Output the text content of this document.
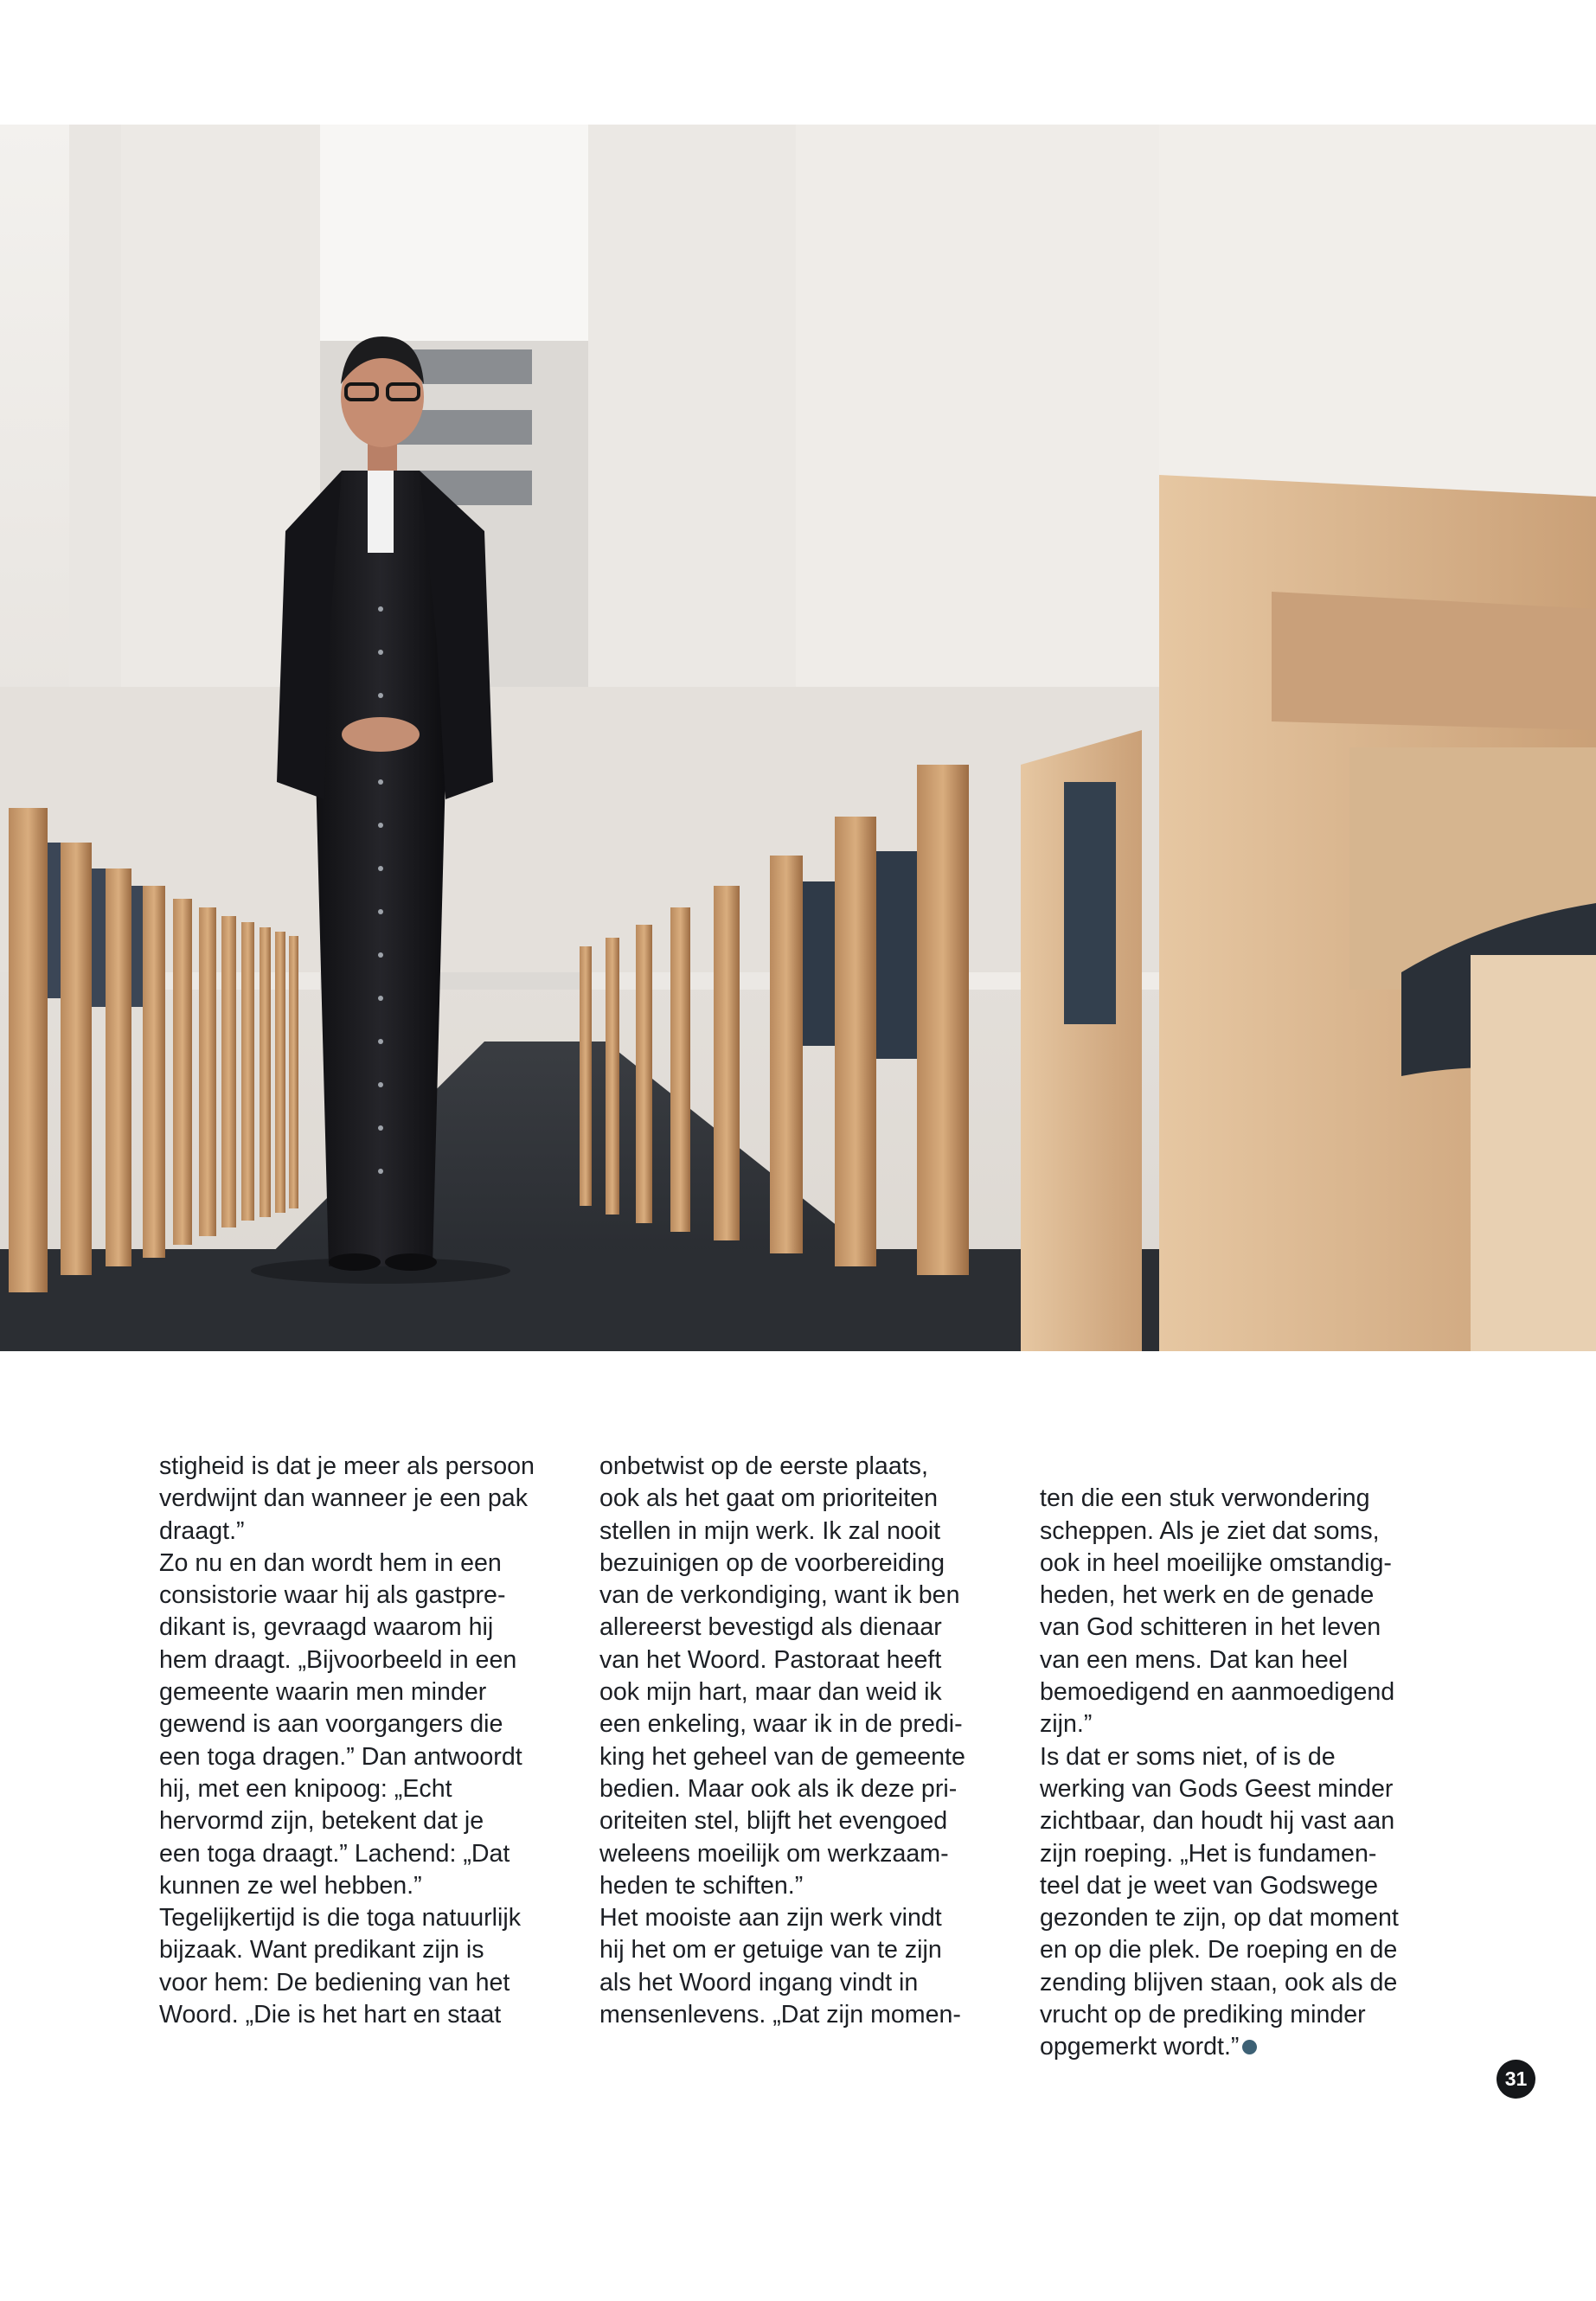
stigheid is dat je meer als persoon
verdwijnt dan wanneer je een pak
draagt.”
Zo nu en dan wordt hem in een
consistorie waar hij als gastpre-
dikant is, gevraagd waarom hij
hem draagt. „Bijvoorbeeld in een
gemeente waarin men minder
gewend is aan voorgangers die
een toga dragen.” Dan antwoordt
hij, met een knipoog: „Echt
hervormd zijn, betekent dat je
een toga draagt.” Lachend: „Dat
kunnen ze wel hebben.”
Tegelijkertijd is die toga natuurlijk
bijzaak. Want predikant zijn is
voor hem: De bediening van het
Woord. „Die is het hart en staat
onbetwist op de eerste plaats,
ook als het gaat om prioriteiten
stellen in mijn werk. Ik zal nooit
bezuinigen op de voorbereiding
van de verkondiging, want ik ben
allereerst bevestigd als dienaar
van het Woord. Pastoraat heeft
ook mijn hart, maar dan weid ik
een enkeling, waar ik in de predi-
king het geheel van de gemeente
bedien. Maar ook als ik deze pri-
oriteiten stel, blijft het evengoed
weleens moeilijk om werkzaam-
heden te schiften.”
Het mooiste aan zijn werk vindt
hij het om er getuige van te zijn
als het Woord ingang vindt in
mensenlevens. „Dat zijn momen-

ten die een stuk verwondering
scheppen. Als je ziet dat soms,
ook in heel moeilijke omstandig-
heden, het werk en de genade
van God schitteren in het leven
van een mens. Dat kan heel
bemoedigend en aanmoedigend
zijn.”
Is dat er soms niet, of is de
werking van Gods Geest minder
zichtbaar, dan houdt hij vast aan
zijn roeping. „Het is fundamen-
teel dat je weet van Godswege
gezonden te zijn, op dat moment
en op die plek. De roeping en de
zending blijven staan, ook als de
vrucht op de prediking minder
opgemerkt wordt.”

31
